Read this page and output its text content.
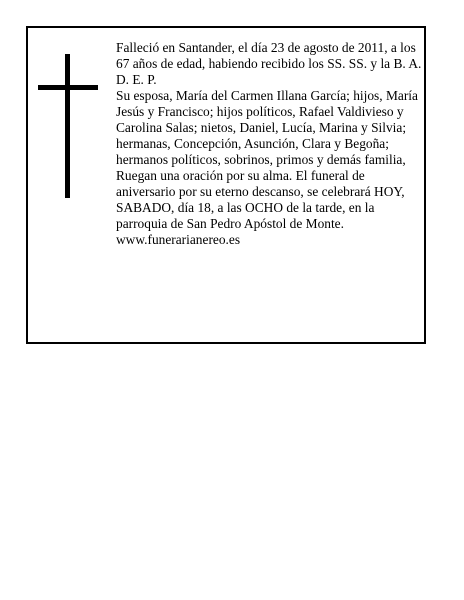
Falleció en Santander, el día 23 de agosto de 2011, a los 67 años de edad, habiendo recibido los SS. SS. y la B. A.

D. E. P.

Su esposa, María del Carmen Illana García; hijos, María Jesús y Francisco; hijos políticos, Rafael Valdivieso y Carolina Salas; nietos, Daniel, Lucía, Marina y Silvia; hermanas, Concepción, Asunción, Clara y Begoña; hermanos políticos, sobrinos, primos y demás familia,

Ruegan una oración por su alma. El funeral de aniversario por su eterno descanso, se celebrará HOY, SABADO, día 18, a las OCHO de la tarde, en la parroquia de San Pedro Apóstol de Monte.

www.funerarianereo.es
